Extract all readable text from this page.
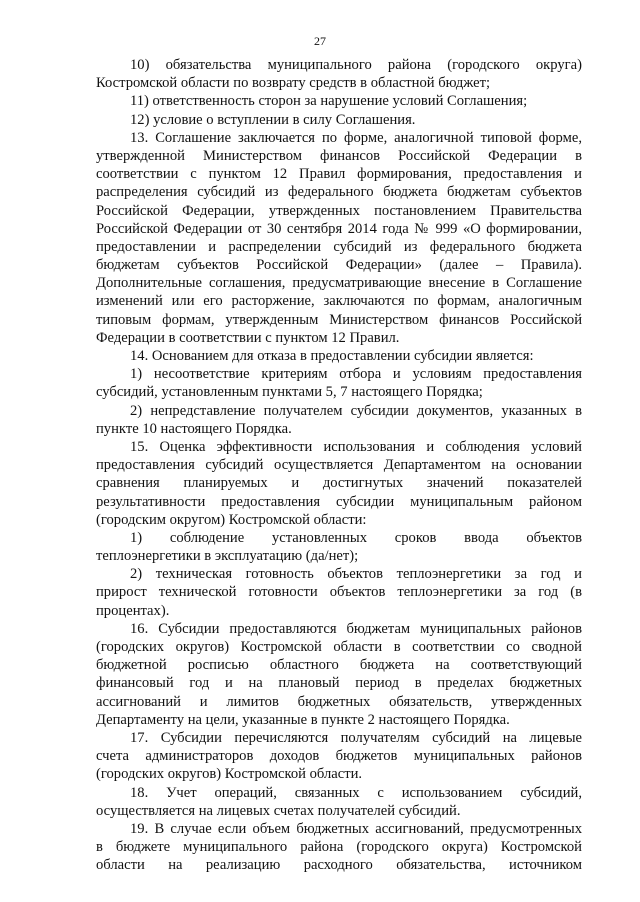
27
10) обязательства муниципального района (городского округа)
Костромской области по возврату средств в областной бюджет;
11) ответственность сторон за нарушение условий Соглашения;
12) условие о вступлении в силу Соглашения.
13. Соглашение заключается по форме, аналогичной типовой форме,
утвержденной Министерством финансов Российской Федерации в
соответствии с пунктом 12 Правил формирования, предоставления и
распределения субсидий из федерального бюджета бюджетам субъектов
Российской Федерации, утвержденных постановлением Правительства
Российской Федерации от 30 сентября 2014 года № 999 «О формировании,
предоставлении и распределении субсидий из федерального бюджета
бюджетам субъектов Российской Федерации» (далее – Правила).
Дополнительные соглашения, предусматривающие внесение в Соглашение
изменений или его расторжение, заключаются по формам, аналогичным
типовым формам, утвержденным Министерством финансов Российской
Федерации в соответствии с пунктом 12 Правил.
14. Основанием для отказа в предоставлении субсидии является:
1) несоответствие критериям отбора и условиям предоставления
субсидий, установленным пунктами 5, 7 настоящего Порядка;
2) непредставление получателем субсидии документов, указанных в
пункте 10 настоящего Порядка.
15. Оценка эффективности использования и соблюдения условий
предоставления субсидий осуществляется Департаментом на основании
сравнения планируемых и достигнутых значений показателей
результативности предоставления субсидии муниципальным районом
(городским округом) Костромской области:
1) соблюдение установленных сроков ввода объектов
теплоэнергетики в эксплуатацию (да/нет);
2) техническая готовность объектов теплоэнергетики за год и
прирост технической готовности объектов теплоэнергетики за год (в
процентах).
16. Субсидии предоставляются бюджетам муниципальных районов
(городских округов) Костромской области в соответствии со сводной
бюджетной росписью областного бюджета на соответствующий
финансовый год и на плановый период в пределах бюджетных
ассигнований и лимитов бюджетных обязательств, утвержденных
Департаменту на цели, указанные в пункте 2 настоящего Порядка.
17. Субсидии перечисляются получателям субсидий на лицевые
счета администраторов доходов бюджетов муниципальных районов
(городских округов) Костромской области.
18. Учет операций, связанных с использованием субсидий,
осуществляется на лицевых счетах получателей субсидий.
19. В случае если объем бюджетных ассигнований, предусмотренных
в бюджете муниципального района (городского округа) Костромской
области на реализацию расходного обязательства, источником
